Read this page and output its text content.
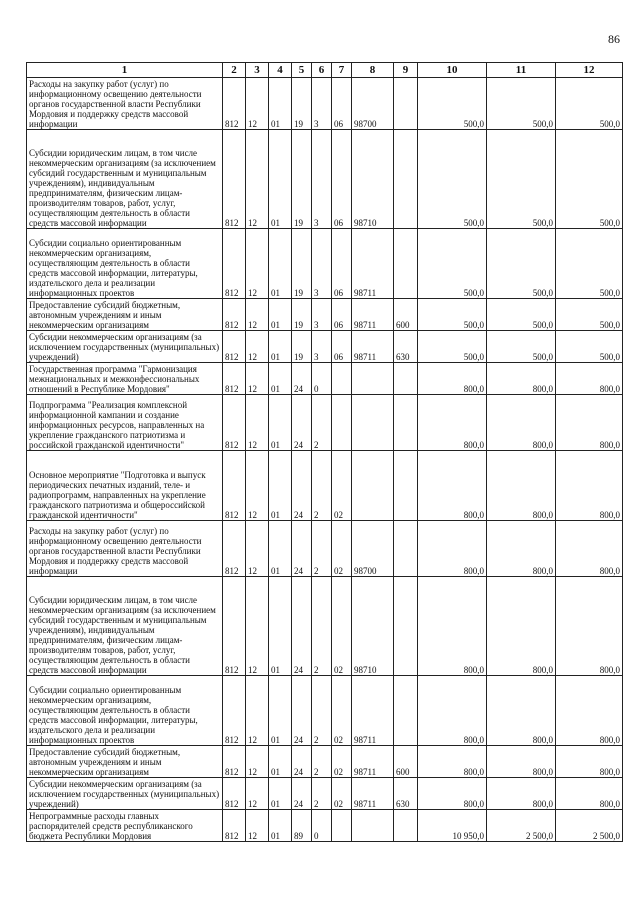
86
1	2	3	4	5	6	7	8	9	10	11	12
Расходы на закупку работ (услуг) по информационному освещению деятельности органов государственной власти Республики Мордовия и поддержку средств массовой информации	812	12	01	19	3	06	98700		500,0	500,0	500,0
Субсидии юридическим лицам, в том числе некоммерческим организациям (за исключением субсидий государственным и муниципальным учреждениям), индивидуальным предпринимателям, физическим лицам- производителям товаров, работ, услуг, осуществляющим деятельность в области средств массовой информации	812	12	01	19	3	06	98710		500,0	500,0	500,0
Субсидии социально ориентированным некоммерческим организациям, осуществляющим деятельность в области средств массовой информации, литературы, издательского дела и реализации информационных проектов	812	12	01	19	3	06	98711		500,0	500,0	500,0
Предоставление субсидий бюджетным, автономным учреждениям и иным некоммерческим организациям	812	12	01	19	3	06	98711	600	500,0	500,0	500,0
Субсидии некоммерческим организациям (за исключением государственных (муниципальных) учреждений)	812	12	01	19	3	06	98711	630	500,0	500,0	500,0
Государственная программа "Гармонизация межнациональных и межконфессиональных отношений в Республике Мордовия"	812	12	01	24	0				800,0	800,0	800,0
Подпрограмма "Реализация комплексной информационной кампании и создание информационных ресурсов, направленных на укрепление гражданского патриотизма и российской гражданской идентичности"	812	12	01	24	2				800,0	800,0	800,0
Основное мероприятие "Подготовка и выпуск периодических печатных изданий, теле- и радиопрограмм, направленных на укрепление гражданского патриотизма и общероссийской гражданской идентичности"	812	12	01	24	2	02			800,0	800,0	800,0
Расходы на закупку работ (услуг) по информационному освещению деятельности органов государственной власти Республики Мордовия и поддержку средств массовой информации	812	12	01	24	2	02	98700		800,0	800,0	800,0
Субсидии юридическим лицам, в том числе некоммерческим организациям (за исключением субсидий государственным и муниципальным учреждениям), индивидуальным предпринимателям, физическим лицам- производителям товаров, работ, услуг, осуществляющим деятельность в области средств массовой информации	812	12	01	24	2	02	98710		800,0	800,0	800,0
Субсидии социально ориентированным некоммерческим организациям, осуществляющим деятельность в области средств массовой информации, литературы, издательского дела и реализации информационных проектов	812	12	01	24	2	02	98711		800,0	800,0	800,0
Предоставление субсидий бюджетным, автономным учреждениям и иным некоммерческим организациям	812	12	01	24	2	02	98711	600	800,0	800,0	800,0
Субсидии некоммерческим организациям (за исключением государственных (муниципальных) учреждений)	812	12	01	24	2	02	98711	630	800,0	800,0	800,0
Непрограммные расходы главных распорядителей средств республиканского бюджета Республики Мордовия	812	12	01	89	0				10 950,0	2 500,0	2 500,0
